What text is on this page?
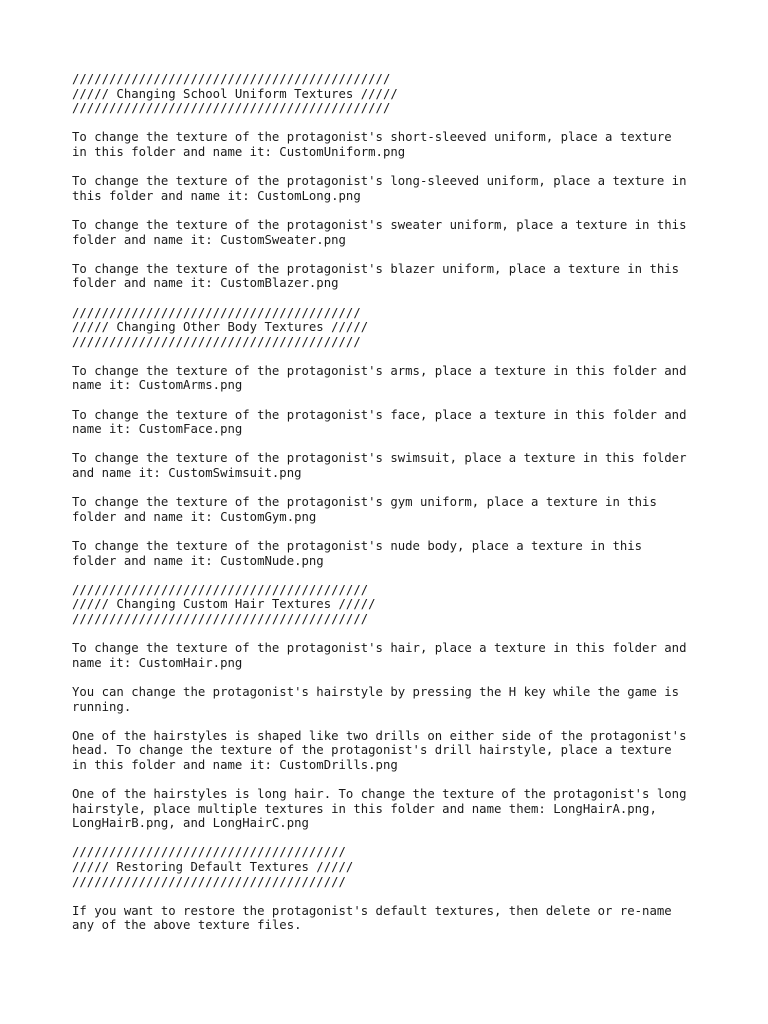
///////////////////////////////////////////
///// Changing School Uniform Textures /////
///////////////////////////////////////////
To change the texture of the protagonist's short-sleeved uniform, place a texture
in this folder and name it: CustomUniform.png
To change the texture of the protagonist's long-sleeved uniform, place a texture in
this folder and name it: CustomLong.png
To change the texture of the protagonist's sweater uniform, place a texture in this
folder and name it: CustomSweater.png
To change the texture of the protagonist's blazer uniform, place a texture in this
folder and name it: CustomBlazer.png
///////////////////////////////////////
///// Changing Other Body Textures /////
///////////////////////////////////////
To change the texture of the protagonist's arms, place a texture in this folder and
name it: CustomArms.png
To change the texture of the protagonist's face, place a texture in this folder and
name it: CustomFace.png
To change the texture of the protagonist's swimsuit, place a texture in this folder
and name it: CustomSwimsuit.png
To change the texture of the protagonist's gym uniform, place a texture in this
folder and name it: CustomGym.png
To change the texture of the protagonist's nude body, place a texture in this
folder and name it: CustomNude.png
////////////////////////////////////////
///// Changing Custom Hair Textures /////
////////////////////////////////////////
To change the texture of the protagonist's hair, place a texture in this folder and
name it: CustomHair.png
You can change the protagonist's hairstyle by pressing the H key while the game is
running.
One of the hairstyles is shaped like two drills on either side of the protagonist's
head. To change the texture of the protagonist's drill hairstyle, place a texture
in this folder and name it: CustomDrills.png
One of the hairstyles is long hair. To change the texture of the protagonist's long
hairstyle, place multiple textures in this folder and name them: LongHairA.png,
LongHairB.png, and LongHairC.png
/////////////////////////////////////
///// Restoring Default Textures /////
/////////////////////////////////////
If you want to restore the protagonist's default textures, then delete or re-name
any of the above texture files.
